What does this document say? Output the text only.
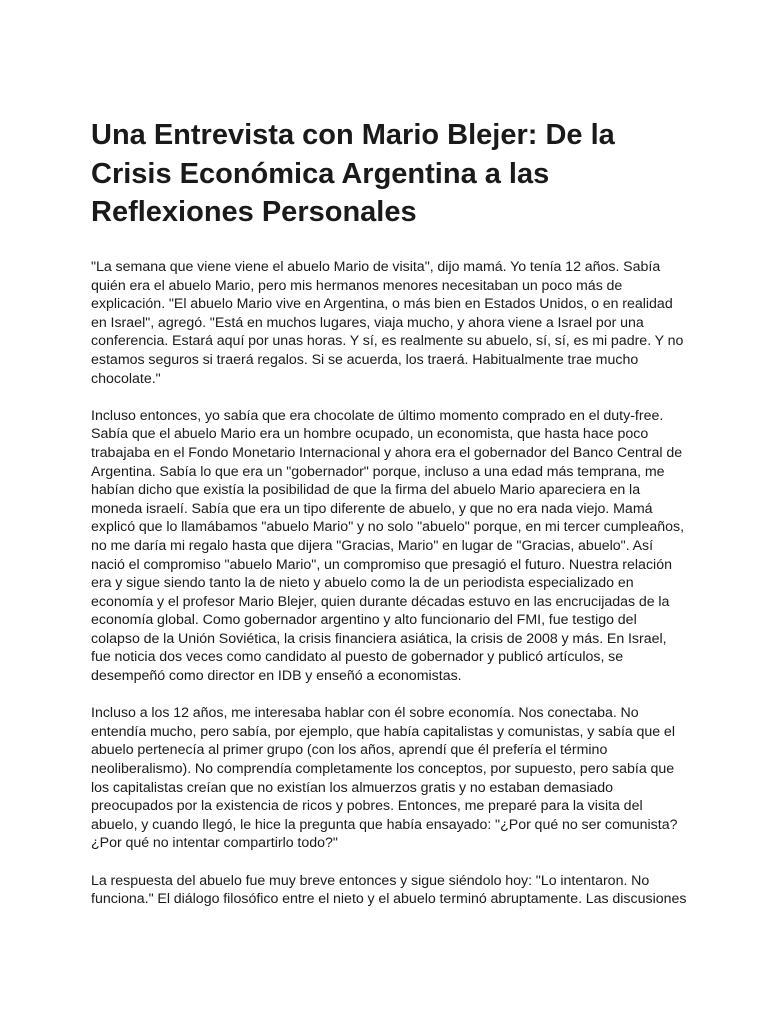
Una Entrevista con Mario Blejer: De la Crisis Económica Argentina a las Reflexiones Personales

"La semana que viene viene el abuelo Mario de visita", dijo mamá. Yo tenía 12 años. Sabía quién era el abuelo Mario, pero mis hermanos menores necesitaban un poco más de explicación. "El abuelo Mario vive en Argentina, o más bien en Estados Unidos, o en realidad en Israel", agregó. "Está en muchos lugares, viaja mucho, y ahora viene a Israel por una conferencia. Estará aquí por unas horas. Y sí, es realmente su abuelo, sí, sí, es mi padre. Y no estamos seguros si traerá regalos. Si se acuerda, los traerá. Habitualmente trae mucho chocolate."

Incluso entonces, yo sabía que era chocolate de último momento comprado en el duty-free. Sabía que el abuelo Mario era un hombre ocupado, un economista, que hasta hace poco trabajaba en el Fondo Monetario Internacional y ahora era el gobernador del Banco Central de Argentina. Sabía lo que era un "gobernador" porque, incluso a una edad más temprana, me habían dicho que existía la posibilidad de que la firma del abuelo Mario apareciera en la moneda israelí. Sabía que era un tipo diferente de abuelo, y que no era nada viejo. Mamá explicó que lo llamábamos "abuelo Mario" y no solo "abuelo" porque, en mi tercer cumpleaños, no me daría mi regalo hasta que dijera "Gracias, Mario" en lugar de "Gracias, abuelo". Así nació el compromiso "abuelo Mario", un compromiso que presagió el futuro. Nuestra relación era y sigue siendo tanto la de nieto y abuelo como la de un periodista especializado en economía y el profesor Mario Blejer, quien durante décadas estuvo en las encrucijadas de la economía global. Como gobernador argentino y alto funcionario del FMI, fue testigo del colapso de la Unión Soviética, la crisis financiera asiática, la crisis de 2008 y más. En Israel, fue noticia dos veces como candidato al puesto de gobernador y publicó artículos, se desempeñó como director en IDB y enseñó a economistas.

Incluso a los 12 años, me interesaba hablar con él sobre economía. Nos conectaba. No entendía mucho, pero sabía, por ejemplo, que había capitalistas y comunistas, y sabía que el abuelo pertenecía al primer grupo (con los años, aprendí que él prefería el término neoliberalismo). No comprendía completamente los conceptos, por supuesto, pero sabía que los capitalistas creían que no existían los almuerzos gratis y no estaban demasiado preocupados por la existencia de ricos y pobres. Entonces, me preparé para la visita del abuelo, y cuando llegó, le hice la pregunta que había ensayado: "¿Por qué no ser comunista? ¿Por qué no intentar compartirlo todo?"

La respuesta del abuelo fue muy breve entonces y sigue siéndolo hoy: "Lo intentaron. No funciona." El diálogo filosófico entre el nieto y el abuelo terminó abruptamente. Las discusiones
